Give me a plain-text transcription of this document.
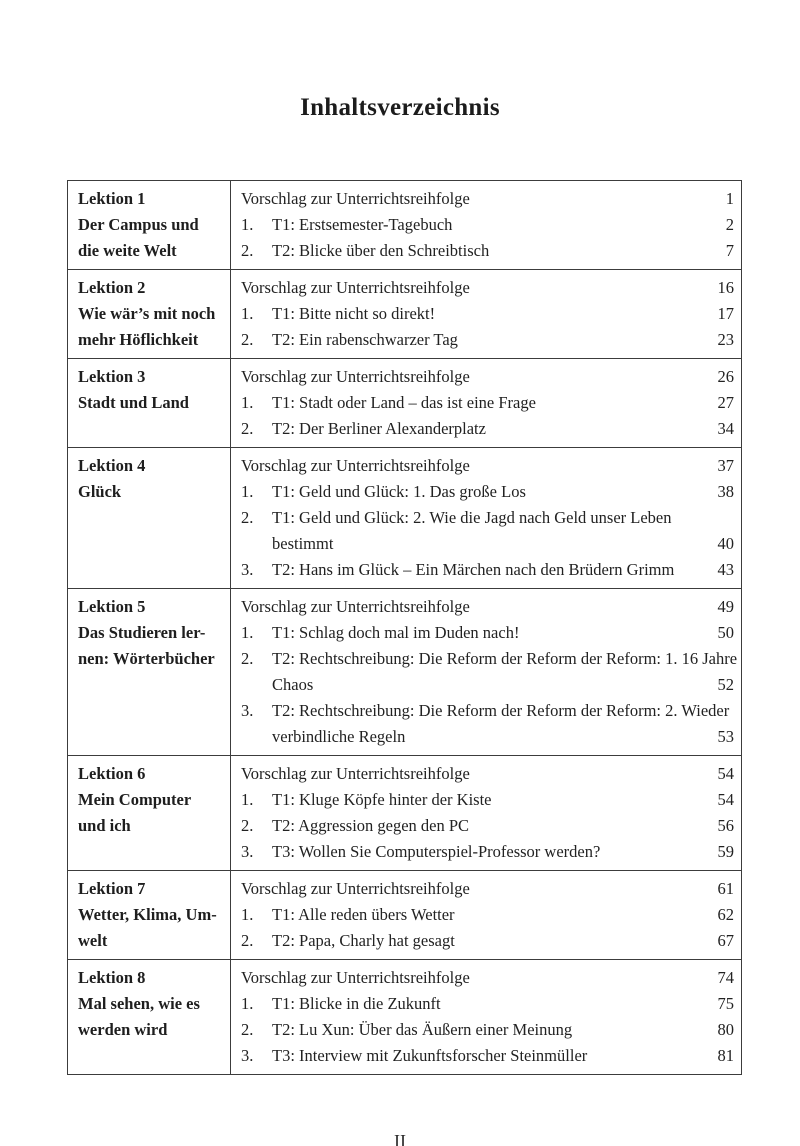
Inhaltsverzeichnis
Lektion 1
Der Campus und
die weite Welt

Vorschlag zur Unterrichtsreihfolge	1
1.	T1: Erstsemester-Tagebuch	2
2.	T2: Blicke über den Schreibtisch	7

Lektion 2
Wie wär’s mit noch
mehr Höflichkeit

Vorschlag zur Unterrichtsreihfolge	16
1.	T1: Bitte nicht so direkt!	17
2.	T2: Ein rabenschwarzer Tag	23

Lektion 3
Stadt und Land

Vorschlag zur Unterrichtsreihfolge	26
1.	T1: Stadt oder Land – das ist eine Frage	27
2.	T2: Der Berliner Alexanderplatz	34

Lektion 4
Glück

Vorschlag zur Unterrichtsreihfolge	37
1.	T1: Geld und Glück: 1. Das große Los	38
2.	T1: Geld und Glück: 2. Wie die Jagd nach Geld unser Leben
bestimmt	40
3.	T2: Hans im Glück – Ein Märchen nach den Brüdern Grimm	43

Lektion 5
Das Studieren ler-
nen: Wörterbücher

Vorschlag zur Unterrichtsreihfolge	49
1.	T1: Schlag doch mal im Duden nach!	50
2.	T2: Rechtschreibung: Die Reform der Reform der Reform: 1. 16 Jahre
Chaos	52
3.	T2: Rechtschreibung: Die Reform der Reform der Reform: 2. Wieder
verbindliche Regeln	53

Lektion 6
Mein Computer
und ich

Vorschlag zur Unterrichtsreihfolge	54
1.	T1: Kluge Köpfe hinter der Kiste	54
2.	T2: Aggression gegen den PC	56
3.	T3: Wollen Sie Computerspiel-Professor werden?	59

Lektion 7
Wetter, Klima, Um-
welt

Vorschlag zur Unterrichtsreihfolge	61
1.	T1: Alle reden übers Wetter	62
2.	T2: Papa, Charly hat gesagt	67

Lektion 8
Mal sehen, wie es
werden wird

Vorschlag zur Unterrichtsreihfolge	74
1.	T1: Blicke in die Zukunft	75
2.	T2: Lu Xun: Über das Äußern einer Meinung	80
3.	T3: Interview mit Zukunftsforscher Steinmüller	81
II
